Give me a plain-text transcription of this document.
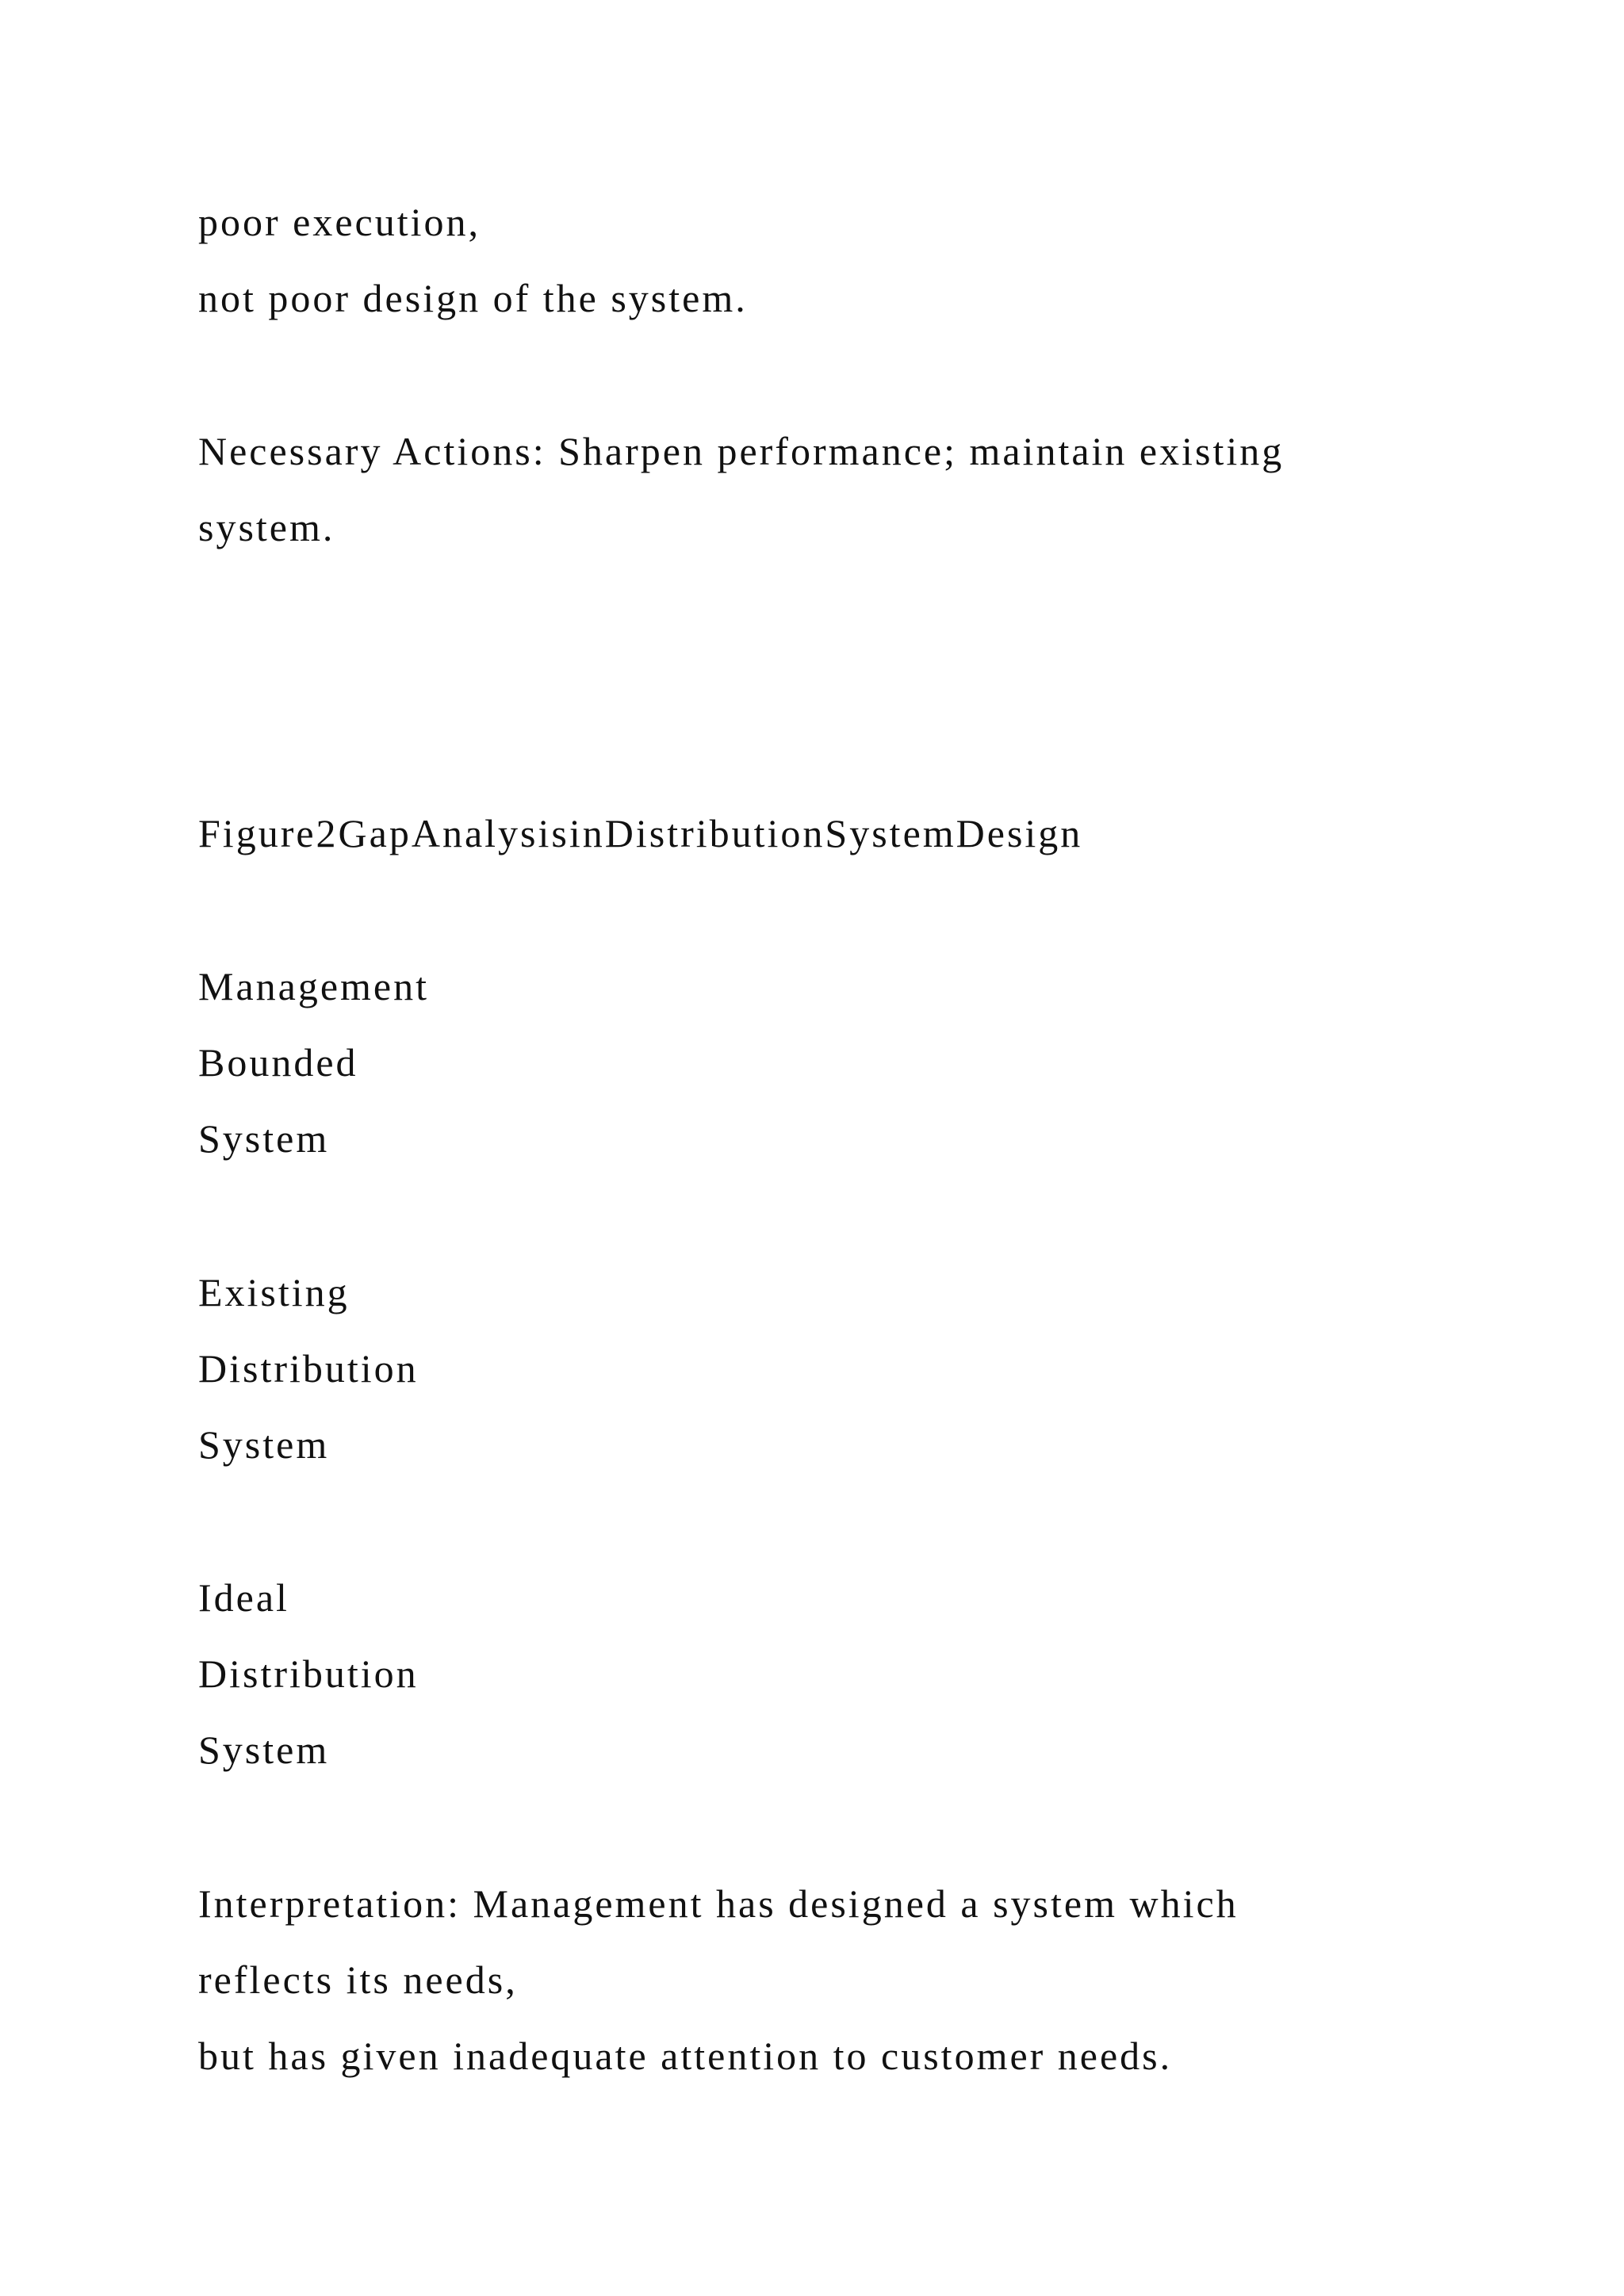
poor execution,

not poor design of the system.

Necessary Actions: Sharpen performance; maintain existing

system.

Figure2GapAnalysisinDistributionSystemDesign

Management

Bounded

System

Existing

Distribution

System

Ideal

Distribution

System

Interpretation: Management has designed a system which

reflects its needs,

but has given inadequate attention to customer needs.
